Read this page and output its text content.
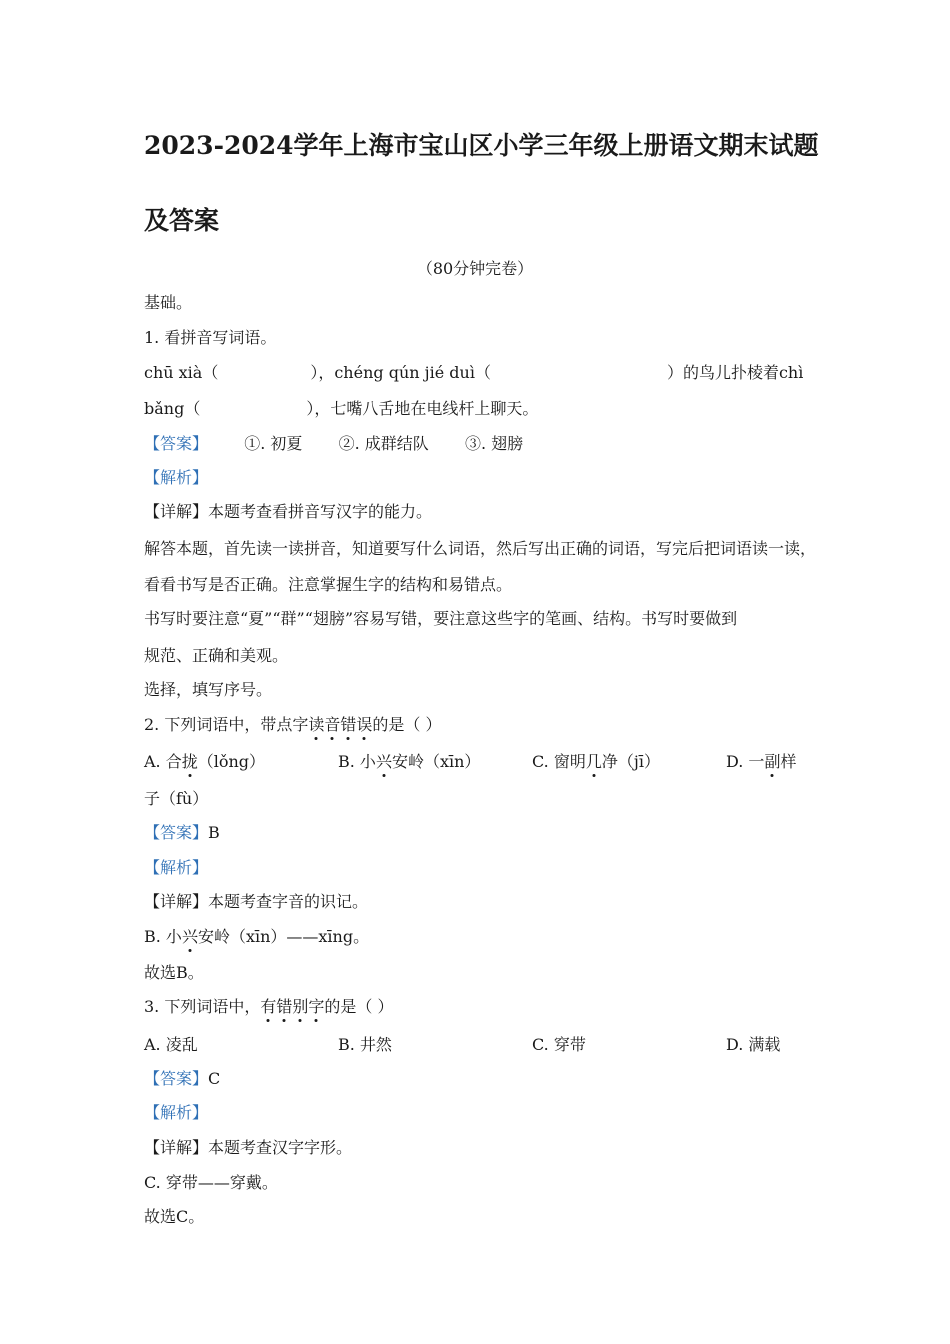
2023-2024学年上海市宝山区小学三年级上册语文期末试题
及答案
（80分钟完卷）
基础。
1. 看拼音写词语。
chū xià（	），chéng qún jié duì（	）的鸟儿扑棱着chì
bǎng（	），七嘴八舌地在电线杆上聊天。
【答案】 ①. 初夏 ②. 成群结队 ③. 翅膀
【解析】
【详解】本题考查看拼音写汉字的能力。
解答本题，首先读一读拼音，知道要写什么词语，然后写出正确的词语，写完后把词语读一读，
看看书写是否正确。注意掌握生字的结构和易错点。
书写时要注意“夏”“群”“翅膀”容易写错，要注意这些字的笔画、结构。书写时要做到
规范、正确和美观。
选择，填写序号。
2. 下列词语中，带点字读音错误的是（ ）
A. 合拢（lǒng）	B. 小兴安岭（xīn）	C. 窗明几净（jī）	D. 一副样
子（fù）
【答案】B
【解析】
【详解】本题考查字音的识记。
B. 小兴安岭（xīn）——xīng。
故选B。
3. 下列词语中，有错别字的是（ ）
A. 凌乱	B. 井然	C. 穿带	D. 满载
【答案】C
【解析】
【详解】本题考查汉字字形。
C. 穿带——穿戴。
故选C。
